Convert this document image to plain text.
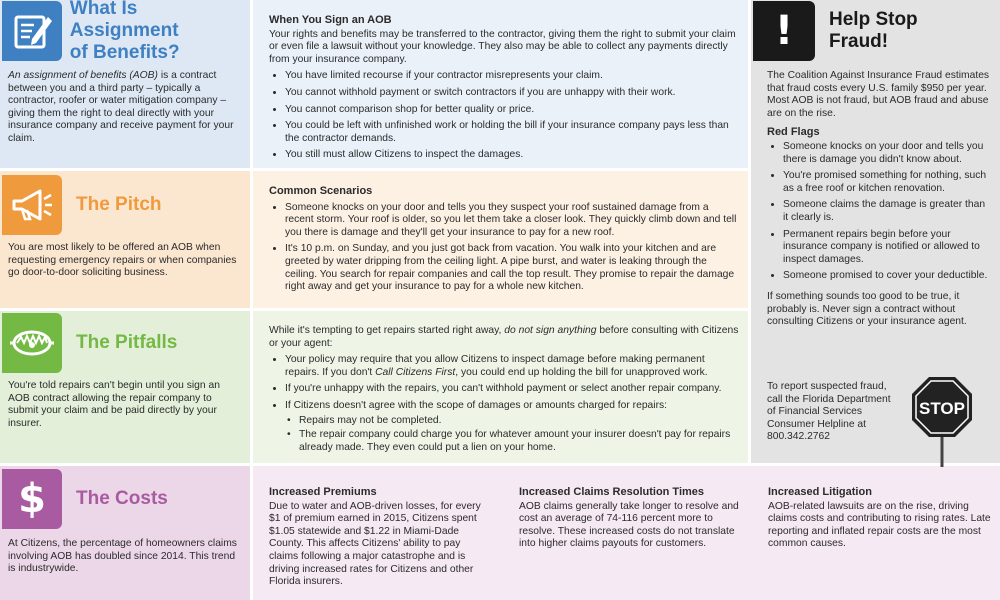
What Is Assignment
of Benefits?
An assignment of benefits (AOB) is a contract between you and a third party – typically a contractor, roofer or water mitigation company – giving them the right to deal directly with your insurance company and receive payment for your claim.
When You Sign an AOB

Your rights and benefits may be transferred to the contractor, giving them the right to submit your claim or even file a lawsuit without your knowledge. They also may be able to collect any payments directly from your insurance company.

• You have limited recourse if your contractor misrepresents your claim.
• You cannot withhold payment or switch contractors if you are unhappy with their work.
• You cannot comparison shop for better quality or price.
• You could be left with unfinished work or holding the bill if your insurance company pays less than the contractor demands.
• You still must allow Citizens to inspect the damages.
The Pitch
You are most likely to be offered an AOB when requesting emergency repairs or when companies go door-to-door soliciting business.
Common Scenarios
• Someone knocks on your door and tells you they suspect your roof sustained damage from a recent storm. Your roof is older, so you let them take a closer look. They quickly climb down and tell you there is damage and they'll get your insurance to pay for a new roof.
• It's 10 p.m. on Sunday, and you just got back from vacation. You walk into your kitchen and are greeted by water dripping from the ceiling light. A pipe burst, and water is leaking through the ceiling. You search for repair companies and call the top result. They promise to repair the damage right away and get your insurance to pay for a whole new kitchen.
The Pitfalls
You're told repairs can't begin until you sign an AOB contract allowing the repair company to submit your claim and be paid directly by your insurer.

While it's tempting to get repairs started right away, do not sign anything before consulting with Citizens or your agent:

• Your policy may require that you allow Citizens to inspect damage before making permanent repairs. If you don't Call Citizens First, you could end up holding the bill for unapproved work.
• If you're unhappy with the repairs, you can't withhold payment or select another repair company.
• If Citizens doesn't agree with the scope of damages or amounts charged for repairs:
• Repairs may not be completed.
• The repair company could charge you for whatever amount your insurer doesn't pay for repairs already made. They even could put a lien on your home.
$ The Costs
At Citizens, the percentage of homeowners claims involving AOB has doubled since 2014. This trend is industrywide.
Increased Premiums

Due to water and AOB-driven losses, for every $1 of premium earned in 2015, Citizens spent $1.05 statewide and $1.22 in Miami-Dade County. This affects Citizens' ability to pay claims following a major catastrophe and is driving increased rates for Citizens and other Florida insurers.

Increased Claims Resolution Times

AOB claims generally take longer to resolve and cost an average of 74-116 percent more to resolve. These increased costs do not translate into higher claims payouts for customers.

Increased Litigation

AOB-related lawsuits are on the rise, driving claims costs and contributing to rising rates. Late reporting and inflated repair costs are the most common causes.

! Help Stop
Fraud!

The Coalition Against Insurance Fraud estimates that fraud costs every U.S. family $950 per year. Most AOB is not fraud, but AOB fraud and abuse are on the rise.

Red Flags
• Someone knocks on your door and tells you there is damage you didn't know about.
• You're promised something for nothing, such as a free roof or kitchen renovation.
• Someone claims the damage is greater than it clearly is.
• Permanent repairs begin before your insurance company is notified or allowed to inspect damages.
• Someone promised to cover your deductible.

If something sounds too good to be true, it probably is. Never sign a contract without consulting Citizens or your insurance agent.

To report suspected fraud, call the Florida Department of Financial Services Consumer Helpline at 800.342.2762
STOP
